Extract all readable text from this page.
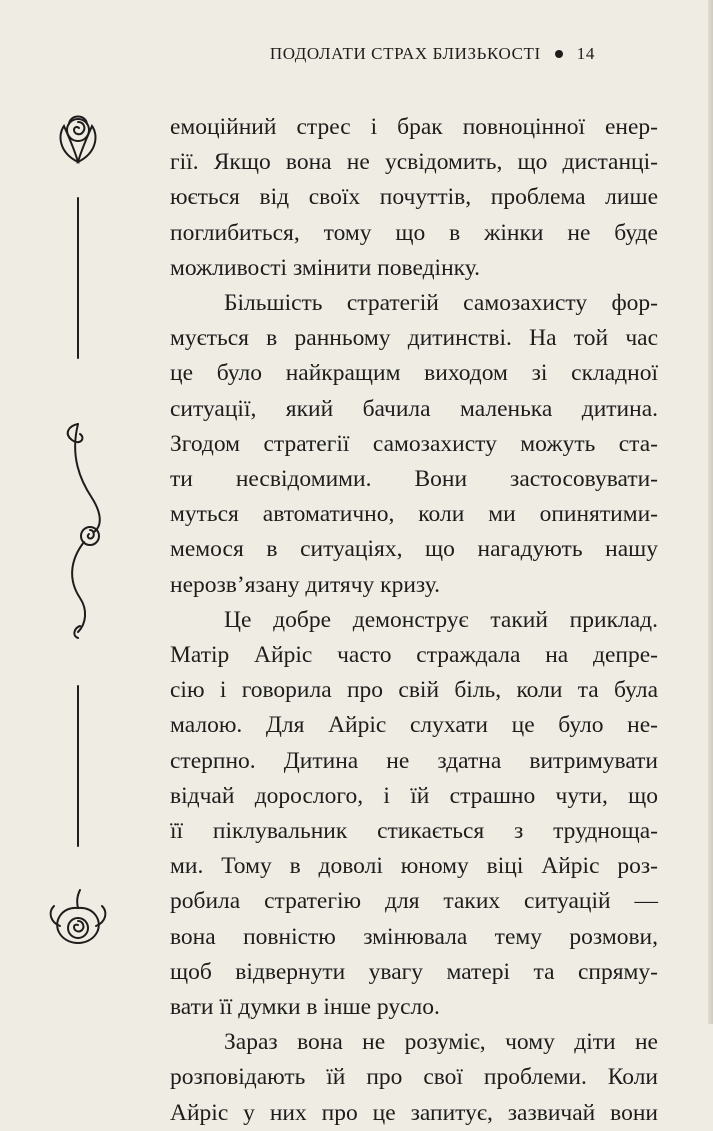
ПОДОЛАТИ СТРАХ БЛИЗЬКОСТІ 14

емоційний стрес і брак повноцінної енер-
гії. Якщо вона не усвідомить, що дистанці-
юється від своїх почуттів, проблема лише
поглибиться, тому що в жінки не буде
можливості змінити поведінку.

Більшість стратегій самозахисту фор-
мується в ранньому дитинстві. На той час
це було найкращим виходом зі складної
ситуації, який бачила маленька дитина.
Згодом стратегії самозахисту можуть ста-
ти несвідомими. Вони застосовувати-
муться автоматично, коли ми опинятими-
мемося в ситуаціях, що нагадують нашу
нерозв’язану дитячу кризу.

Це добре демонструє такий приклад.
Матір Айріс часто страждала на депре-
сію і говорила про свій біль, коли та була
малою. Для Айріс слухати це було не-
стерпно. Дитина не здатна витримувати
відчай дорослого, і їй страшно чути, що
її піклувальник стикається з трудноща-
ми. Тому в доволі юному віці Айріс роз-
робила стратегію для таких ситуацій —
вона повністю змінювала тему розмови,
щоб відвернути увагу матері та спряму-
вати її думки в інше русло.

Зараз вона не розуміє, чому діти не
розповідають їй про свої проблеми. Коли
Айріс у них про це запитує, зазвичай вони
